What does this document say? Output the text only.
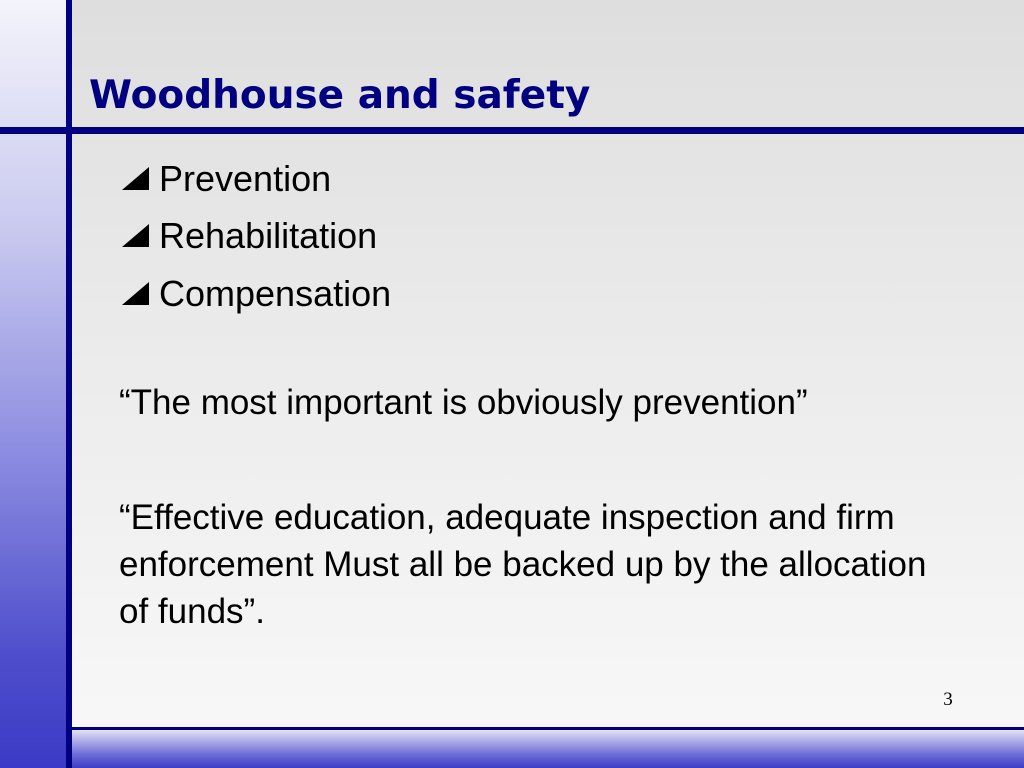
Woodhouse and safety
Prevention
Rehabilitation
Compensation

“The most important is obviously prevention”

“Effective education, adequate inspection and firm enforcement Must all be backed up by the allocation of funds”.

3
